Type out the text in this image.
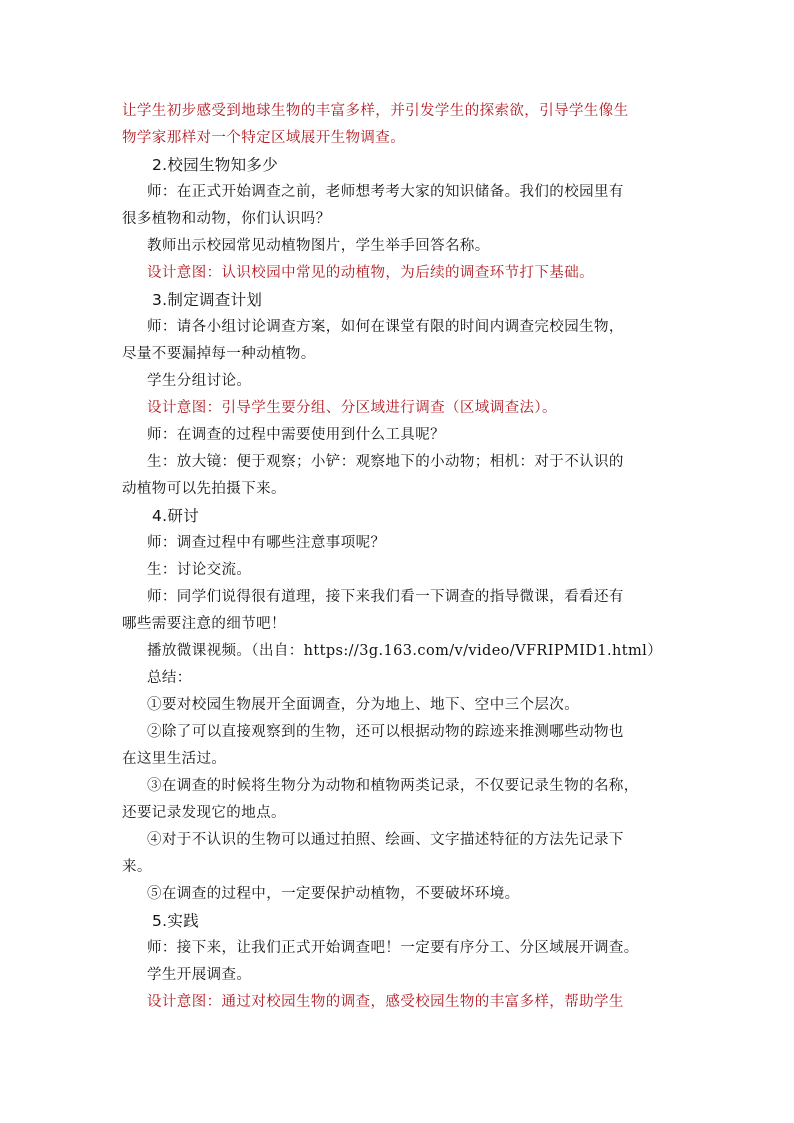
让学生初步感受到地球生物的丰富多样，并引发学生的探索欲，引导学生像生
物学家那样对一个特定区域展开生物调查。
2.校园生物知多少
师：在正式开始调查之前，老师想考考大家的知识储备。我们的校园里有
很多植物和动物，你们认识吗？
教师出示校园常见动植物图片，学生举手回答名称。
设计意图：认识校园中常见的动植物，为后续的调查环节打下基础。
3.制定调查计划
师：请各小组讨论调查方案，如何在课堂有限的时间内调查完校园生物，
尽量不要漏掉每一种动植物。
学生分组讨论。
设计意图：引导学生要分组、分区域进行调查（区域调查法）。
师：在调查的过程中需要使用到什么工具呢？
生：放大镜：便于观察；小铲：观察地下的小动物；相机：对于不认识的
动植物可以先拍摄下来。
4.研讨
师：调查过程中有哪些注意事项呢？
生：讨论交流。
师：同学们说得很有道理，接下来我们看一下调查的指导微课，看看还有
哪些需要注意的细节吧！
播放微课视频。（出自：https://3g.163.com/v/video/VFRIPMID1.html）
总结：
①要对校园生物展开全面调查，分为地上、地下、空中三个层次。
②除了可以直接观察到的生物，还可以根据动物的踪迹来推测哪些动物也
在这里生活过。
③在调查的时候将生物分为动物和植物两类记录，不仅要记录生物的名称，
还要记录发现它的地点。
④对于不认识的生物可以通过拍照、绘画、文字描述特征的方法先记录下
来。
⑤在调查的过程中，一定要保护动植物，不要破坏环境。
5.实践
师：接下来，让我们正式开始调查吧！一定要有序分工、分区域展开调查。
学生开展调查。
设计意图：通过对校园生物的调查，感受校园生物的丰富多样，帮助学生
